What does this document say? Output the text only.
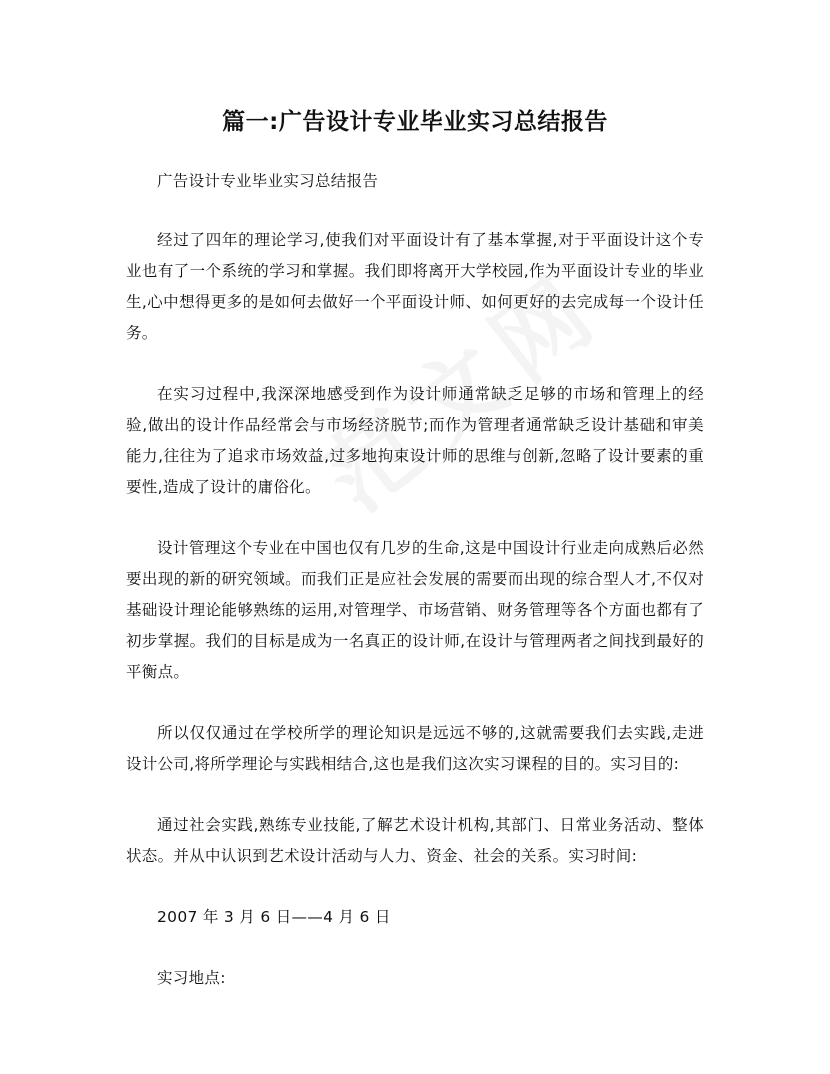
篇一:广告设计专业毕业实习总结报告

广告设计专业毕业实习总结报告

经过了四年的理论学习,使我们对平面设计有了基本掌握,对于平面设计这个专业也有了一个系统的学习和掌握。我们即将离开大学校园,作为平面设计专业的毕业生,心中想得更多的是如何去做好一个平面设计师、如何更好的去完成每一个设计任务。

在实习过程中,我深深地感受到作为设计师通常缺乏足够的市场和管理上的经验,做出的设计作品经常会与市场经济脱节;而作为管理者通常缺乏设计基础和审美能力,往往为了追求市场效益,过多地拘束设计师的思维与创新,忽略了设计要素的重要性,造成了设计的庸俗化。

设计管理这个专业在中国也仅有几岁的生命,这是中国设计行业走向成熟后必然要出现的新的研究领域。而我们正是应社会发展的需要而出现的综合型人才,不仅对基础设计理论能够熟练的运用,对管理学、市场营销、财务管理等各个方面也都有了初步掌握。我们的目标是成为一名真正的设计师,在设计与管理两者之间找到最好的平衡点。

所以仅仅通过在学校所学的理论知识是远远不够的,这就需要我们去实践,走进设计公司,将所学理论与实践相结合,这也是我们这次实习课程的目的。实习目的:

通过社会实践,熟练专业技能,了解艺术设计机构,其部门、日常业务活动、整体状态。并从中认识到艺术设计活动与人力、资金、社会的关系。实习时间:

2007 年 3 月 6 日——4 月 6 日

实习地点:
